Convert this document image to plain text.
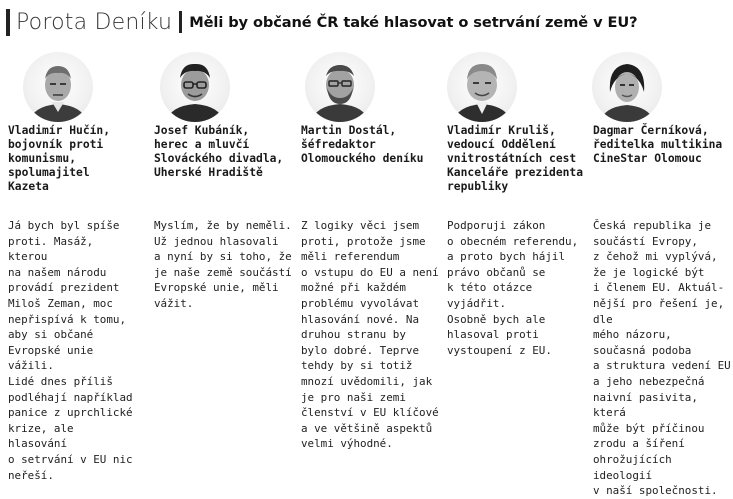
Porota Deníku Měli by občané ČR také hlasovat o setrvání země v EU?
Vladimír Hučín,
bojovník proti
komunismu,
spolumajitel Kazeta
Já bych byl spíše
proti. Masáž, kterou
na našem národu
provádí prezident
Miloš Zeman, moc
nepřispívá k tomu,
aby si občané
Evropské unie vážili.
Lidé dnes příliš
podléhají například
panice z uprchlické
krize, ale hlasování
o setrvání v EU nic
neřeší.
Josef Kubáník,
herec a mluvčí
Slováckého divadla,
Uherské Hradiště
Myslím, že by neměli.
Už jednou hlasovali
a nyní by si toho, že
je naše země součástí
Evropské unie, měli
vážit.
Martin Dostál,
šéfredaktor
Olomouckého deníku
Z logiky věci jsem
proti, protože jsme
měli referendum
o vstupu do EU a není
možné při každém
problému vyvolávat
hlasování nové. Na
druhou stranu by
bylo dobré. Teprve
tehdy by si totiž
mnozí uvědomili, jak
je pro naši zemi
členství v EU klíčové
a ve většině aspektů
velmi výhodné.
Vladimír Kruliš,
vedoucí Oddělení
vnitrostátních cest
Kanceláře prezidenta
republiky
Podporuji zákon
o obecném referendu,
a proto bych hájil
právo občanů se
k této otázce vyjádřit.
Osobně bych ale
hlasoval proti
vystoupení z EU.
Dagmar Černíková,
ředitelka multikina
CineStar Olomouc
Česká republika je
součástí Evropy,
z čehož mi vyplývá,
že je logické být
i členem EU. Aktuál-
nější pro řešení je, dle
mého názoru,
současná podoba
a struktura vedení EU
a jeho nebezpečná
naivní pasivita, která
může být příčinou
zrodu a šíření
ohrožujících ideologií
v naší společnosti.
